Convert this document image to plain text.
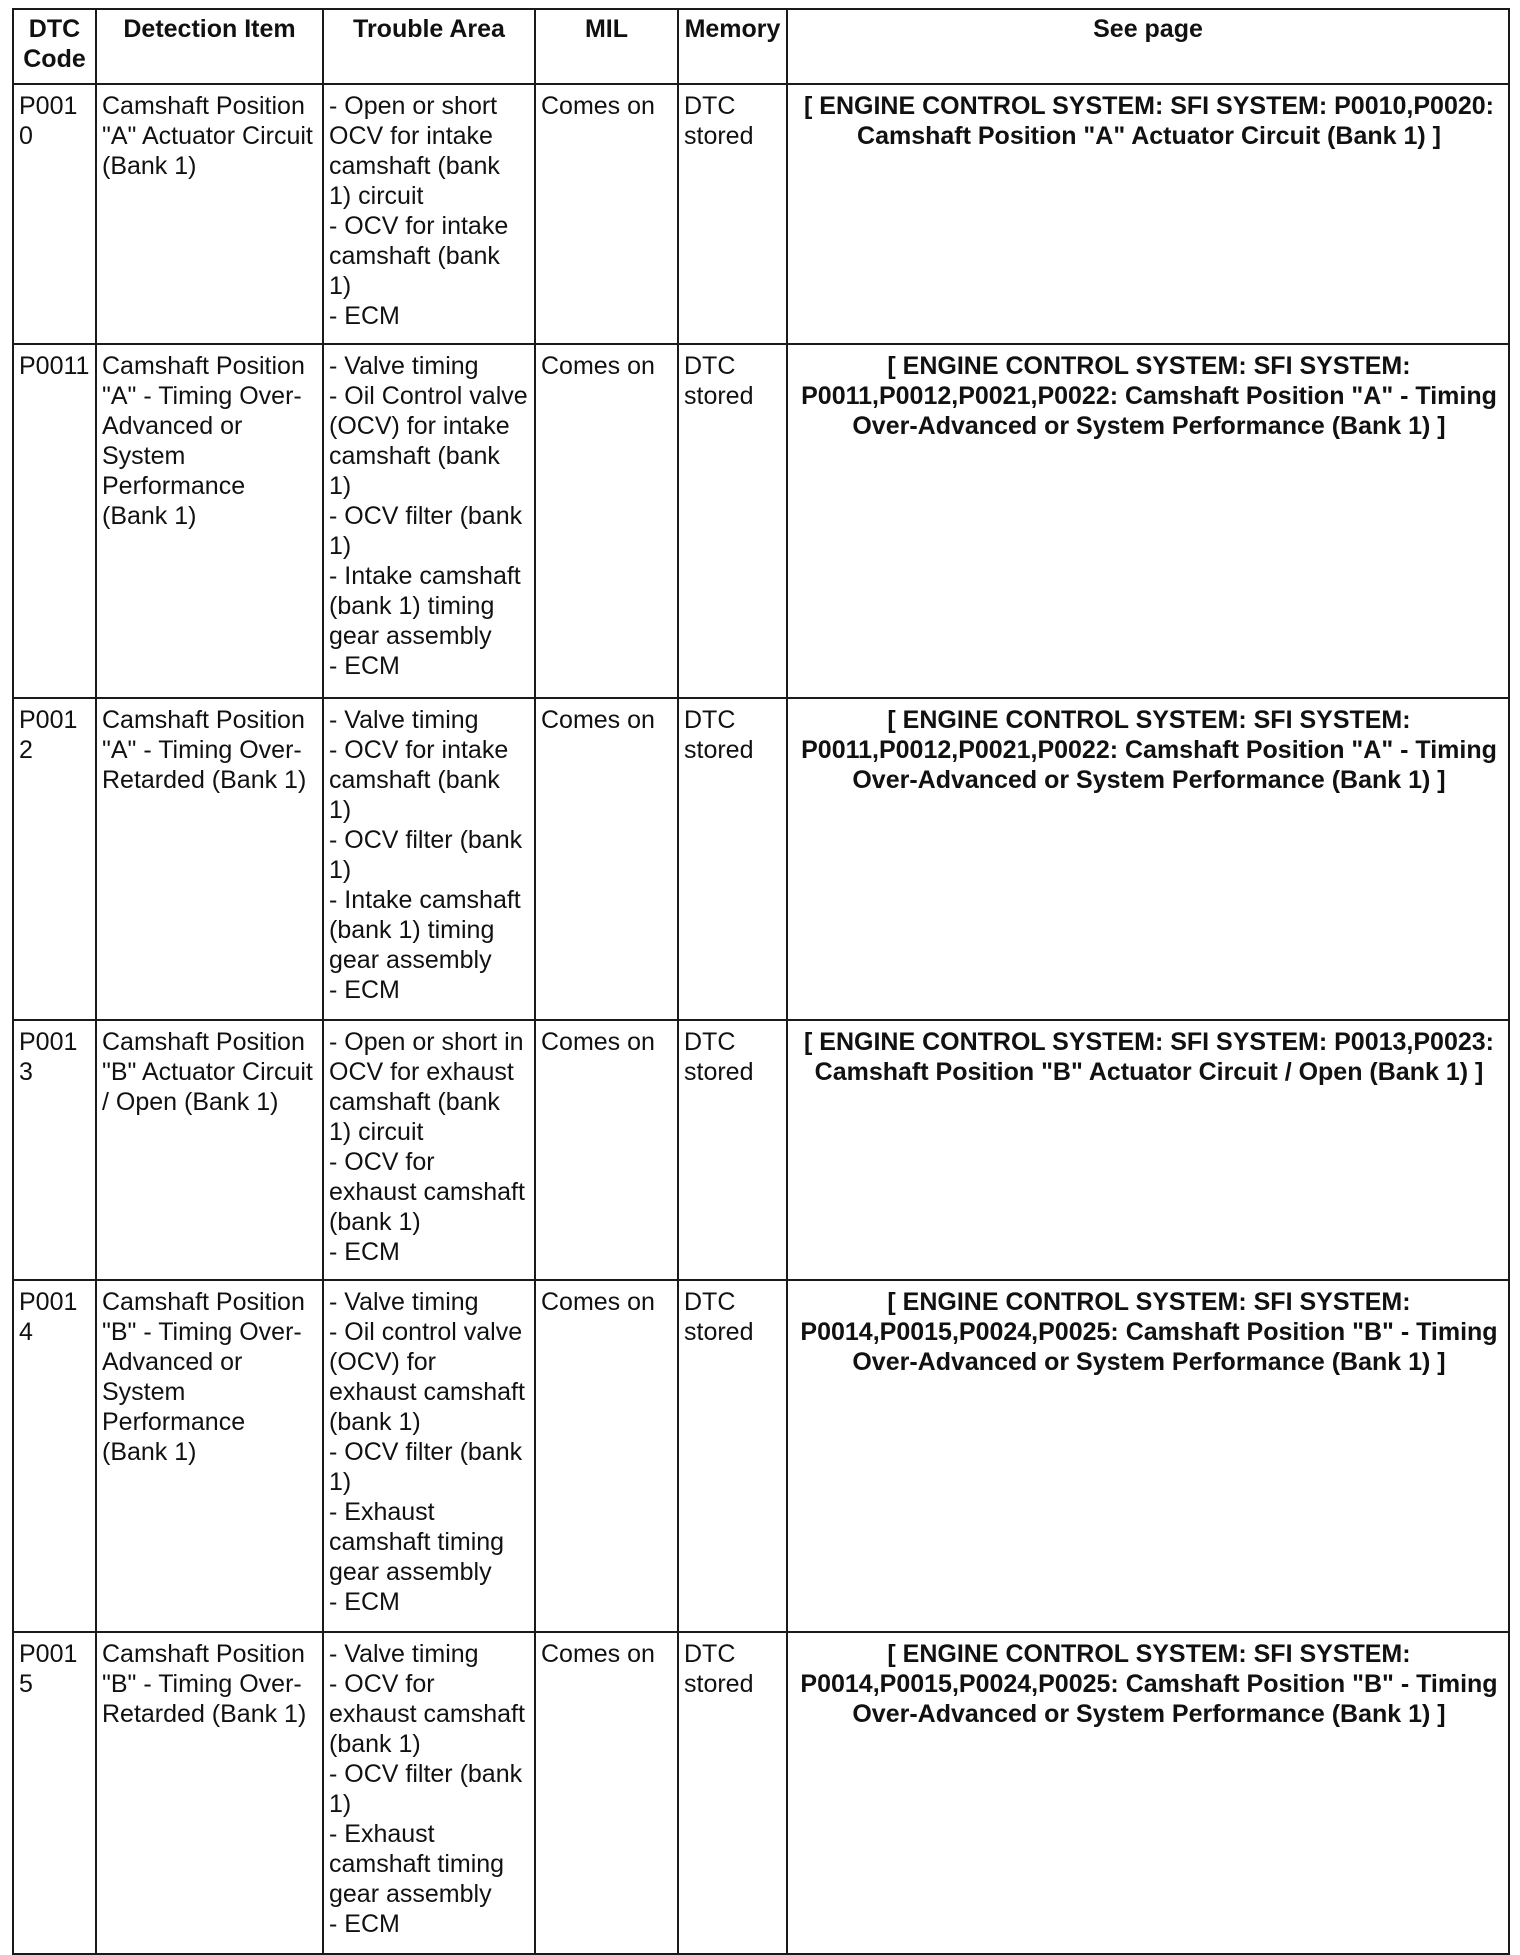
DTC Code	Detection Item	Trouble Area	MIL	Memory	See page

P0010	Camshaft Position "A" Actuator Circuit (Bank 1)	- Open or short OCV for intake camshaft (bank 1) circuit
- OCV for intake camshaft (bank 1)
- ECM	Comes on	DTC stored	[ ENGINE CONTROL SYSTEM: SFI SYSTEM: P0010,P0020: Camshaft Position "A" Actuator Circuit (Bank 1) ]

P0011	Camshaft Position "A" - Timing Over-Advanced or System Performance (Bank 1)	- Valve timing
- Oil Control valve (OCV) for intake camshaft (bank 1)
- OCV filter (bank 1)
- Intake camshaft (bank 1) timing gear assembly
- ECM	Comes on	DTC stored	[ ENGINE CONTROL SYSTEM: SFI SYSTEM: P0011,P0012,P0021,P0022: Camshaft Position "A" - Timing Over-Advanced or System Performance (Bank 1) ]

P0012	Camshaft Position "A" - Timing Over-Retarded (Bank 1)	- Valve timing
- OCV for intake camshaft (bank 1)
- OCV filter (bank 1)
- Intake camshaft (bank 1) timing gear assembly
- ECM	Comes on	DTC stored	[ ENGINE CONTROL SYSTEM: SFI SYSTEM: P0011,P0012,P0021,P0022: Camshaft Position "A" - Timing Over-Advanced or System Performance (Bank 1) ]

P0013	Camshaft Position "B" Actuator Circuit / Open (Bank 1)	- Open or short in OCV for exhaust camshaft (bank 1) circuit
- OCV for exhaust camshaft (bank 1)
- ECM	Comes on	DTC stored	[ ENGINE CONTROL SYSTEM: SFI SYSTEM: P0013,P0023: Camshaft Position "B" Actuator Circuit / Open (Bank 1) ]

P0014	Camshaft Position "B" - Timing Over-Advanced or System Performance (Bank 1)	- Valve timing
- Oil control valve (OCV) for exhaust camshaft (bank 1)
- OCV filter (bank 1)
- Exhaust camshaft timing gear assembly
- ECM	Comes on	DTC stored	[ ENGINE CONTROL SYSTEM: SFI SYSTEM: P0014,P0015,P0024,P0025: Camshaft Position "B" - Timing Over-Advanced or System Performance (Bank 1) ]

P0015	Camshaft Position "B" - Timing Over-Retarded (Bank 1)	- Valve timing
- OCV for exhaust camshaft (bank 1)
- OCV filter (bank 1)
- Exhaust camshaft timing gear assembly
- ECM	Comes on	DTC stored	[ ENGINE CONTROL SYSTEM: SFI SYSTEM: P0014,P0015,P0024,P0025: Camshaft Position "B" - Timing Over-Advanced or System Performance (Bank 1) ]
